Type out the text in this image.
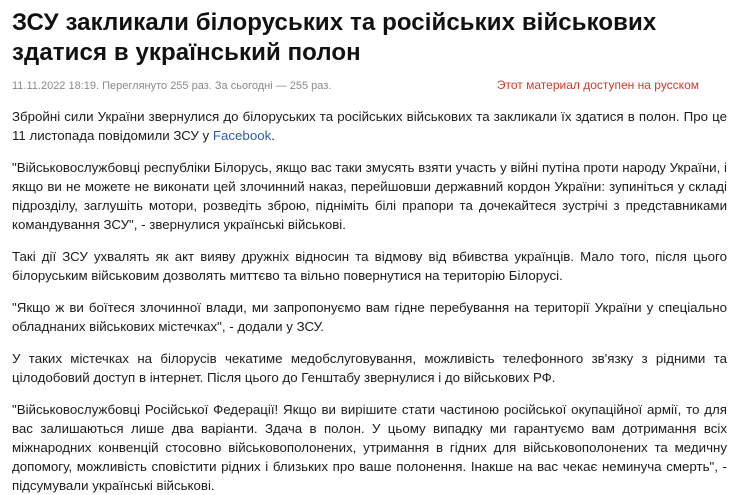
ЗСУ закликали білоруських та російських військових здатися в український полон
11.11.2022 18:19. Переглянуто 255 раз. За сьогодні — 255 раз.	Этот материал доступен на русском

Збройні сили України звернулися до білоруських та російських військових та закликали їх здатися в полон. Про це 11 листопада повідомили ЗСУ у Facebook.

"Військовослужбовці республіки Білорусь, якщо вас таки змусять взяти участь у війні путіна проти народу України, і якщо ви не можете не виконати цей злочинний наказ, перейшовши державний кордон України: зупиніться у складі підрозділу, заглушіть мотори, розведіть зброю, підніміть білі прапори та дочекайтеся зустрічі з представниками командування ЗСУ", - звернулися українські військові.

Такі дії ЗСУ ухвалять як акт вияву дружніх відносин та відмову від вбивства українців. Мало того, після цього білоруським військовим дозволять миттєво та вільно повернутися на територію Білорусі.

"Якщо ж ви боїтеся злочинної влади, ми запропонуємо вам гідне перебування на території України у спеціально обладнаних військових містечках", - додали у ЗСУ.

У таких містечках на білорусів чекатиме медобслуговування, можливість телефонного зв'язку з рідними та цілодобовий доступ в інтернет. Після цього до Генштабу звернулися і до військових РФ.

"Військовослужбовці Російської Федерації! Якщо ви вирішите стати частиною російської окупаційної армії, то для вас залишаються лише два варіанти. Здача в полон. У цьому випадку ми гарантуємо вам дотримання всіх міжнародних конвенцій стосовно військовополонених, утримання в гідних для військовополонених та медичну допомогу, можливість сповістити рідних і близьких про ваше полонення. Інакше на вас чекає неминуча смерть", - підсумували українські військові.
